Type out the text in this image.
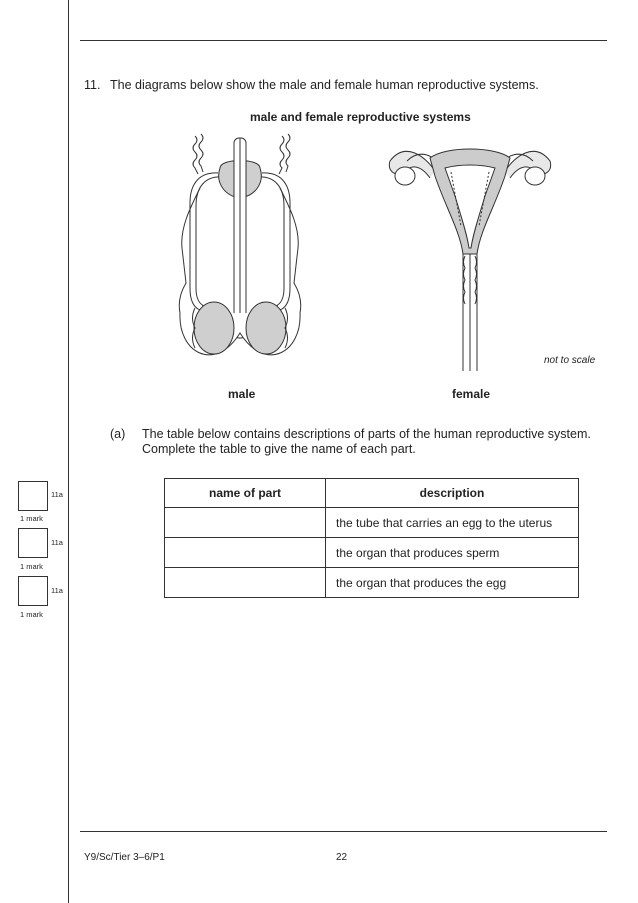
11. The diagrams below show the male and female human reproductive systems.
male and female reproductive systems
not to scale
male	female
(a) The table below contains descriptions of parts of the human reproductive system.
Complete the table to give the name of each part.
name of part	description
	the tube that carries an egg to the uterus
	the organ that produces sperm
	the organ that produces the egg
11a
1 mark
11a
1 mark
11a
1 mark
Y9/Sc/Tier 3–6/P1	22
